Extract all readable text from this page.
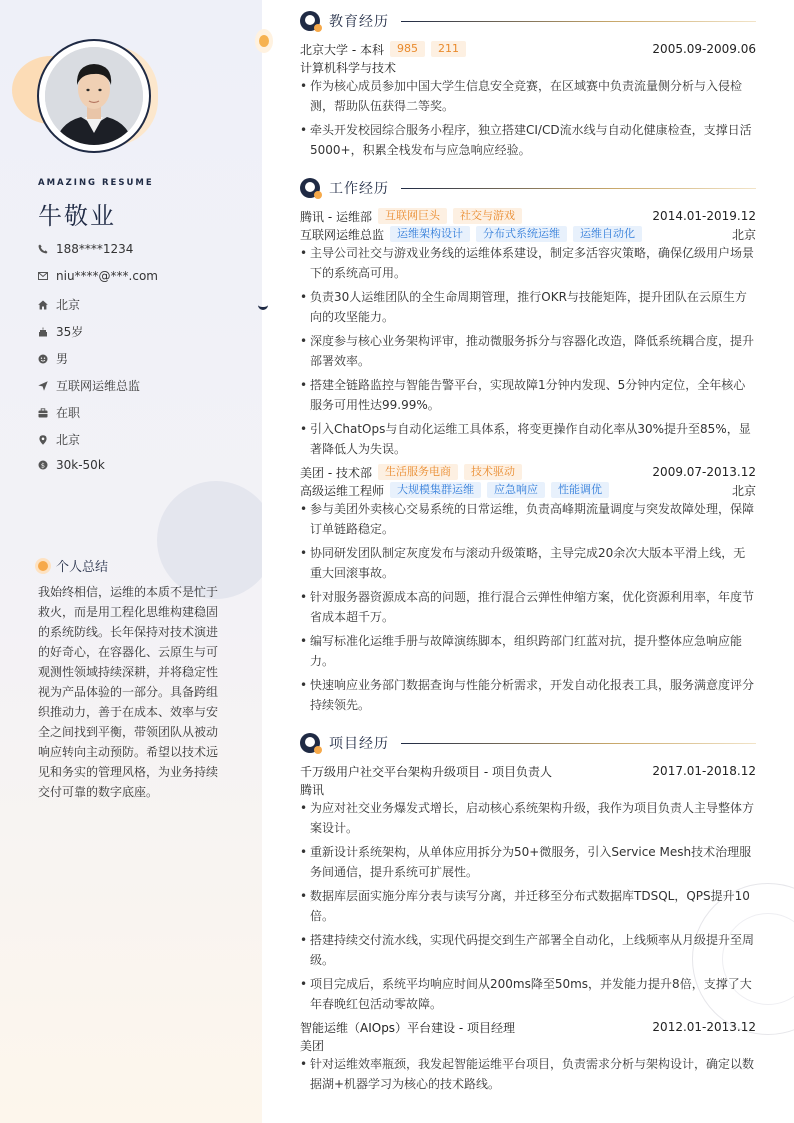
AMAZING RESUME
牛敬业
188****1234
niu****@***.com
北京
35岁
男
互联网运维总监
在职
北京
$ 30k-50k
个人总结
我始终相信，运维的本质不是忙于救火，而是用工程化思维构建稳固的系统防线。长年保持对技术演进的好奇心，在容器化、云原生与可观测性领域持续深耕，并将稳定性视为产品体验的一部分。具备跨组织推动力，善于在成本、效率与安全之间找到平衡，带领团队从被动响应转向主动预防。希望以技术远见和务实的管理风格，为业务持续交付可靠的数字底座。
教育经历
北京大学 - 本科	985	211	2005.09-2009.06
计算机科学与技术
• 作为核心成员参加中国大学生信息安全竞赛，在区域赛中负责流量侧分析与入侵检测，帮助队伍获得二等奖。
• 牵头开发校园综合服务小程序，独立搭建CI/CD流水线与自动化健康检查，支撑日活5000+，积累全栈发布与应急响应经验。
工作经历
腾讯 - 运维部	互联网巨头	社交与游戏	2014.01-2019.12
互联网运维总监	运维架构设计	分布式系统运维	运维自动化	北京
• 主导公司社交与游戏业务线的运维体系建设，制定多活容灾策略，确保亿级用户场景下的系统高可用。
• 负责30人运维团队的全生命周期管理，推行OKR与技能矩阵，提升团队在云原生方向的攻坚能力。
• 深度参与核心业务架构评审，推动微服务拆分与容器化改造，降低系统耦合度，提升部署效率。
• 搭建全链路监控与智能告警平台，实现故障1分钟内发现、5分钟内定位，全年核心服务可用性达99.99%。
• 引入ChatOps与自动化运维工具体系，将变更操作自动化率从30%提升至85%，显著降低人为失误。
美团 - 技术部	生活服务电商	技术驱动	2009.07-2013.12
高级运维工程师	大规模集群运维	应急响应	性能调优	北京
• 参与美团外卖核心交易系统的日常运维，负责高峰期流量调度与突发故障处理，保障订单链路稳定。
• 协同研发团队制定灰度发布与滚动升级策略，主导完成20余次大版本平滑上线，无重大回滚事故。
• 针对服务器资源成本高的问题，推行混合云弹性伸缩方案，优化资源利用率，年度节省成本超千万。
• 编写标准化运维手册与故障演练脚本，组织跨部门红蓝对抗，提升整体应急响应能力。
• 快速响应业务部门数据查询与性能分析需求，开发自动化报表工具，服务满意度评分持续领先。
项目经历
千万级用户社交平台架构升级项目 - 项目负责人	2017.01-2018.12
腾讯
• 为应对社交业务爆发式增长，启动核心系统架构升级，我作为项目负责人主导整体方案设计。
• 重新设计系统架构，从单体应用拆分为50+微服务，引入Service Mesh技术治理服务间通信，提升系统可扩展性。
• 数据库层面实施分库分表与读写分离，并迁移至分布式数据库TDSQL，QPS提升10倍。
• 搭建持续交付流水线，实现代码提交到生产部署全自动化，上线频率从月级提升至周级。
• 项目完成后，系统平均响应时间从200ms降至50ms，并发能力提升8倍，支撑了大年春晚红包活动零故障。
智能运维（AIOps）平台建设 - 项目经理	2012.01-2013.12
美团
• 针对运维效率瓶颈，我发起智能运维平台项目，负责需求分析与架构设计，确定以数据湖+机器学习为核心的技术路线。
